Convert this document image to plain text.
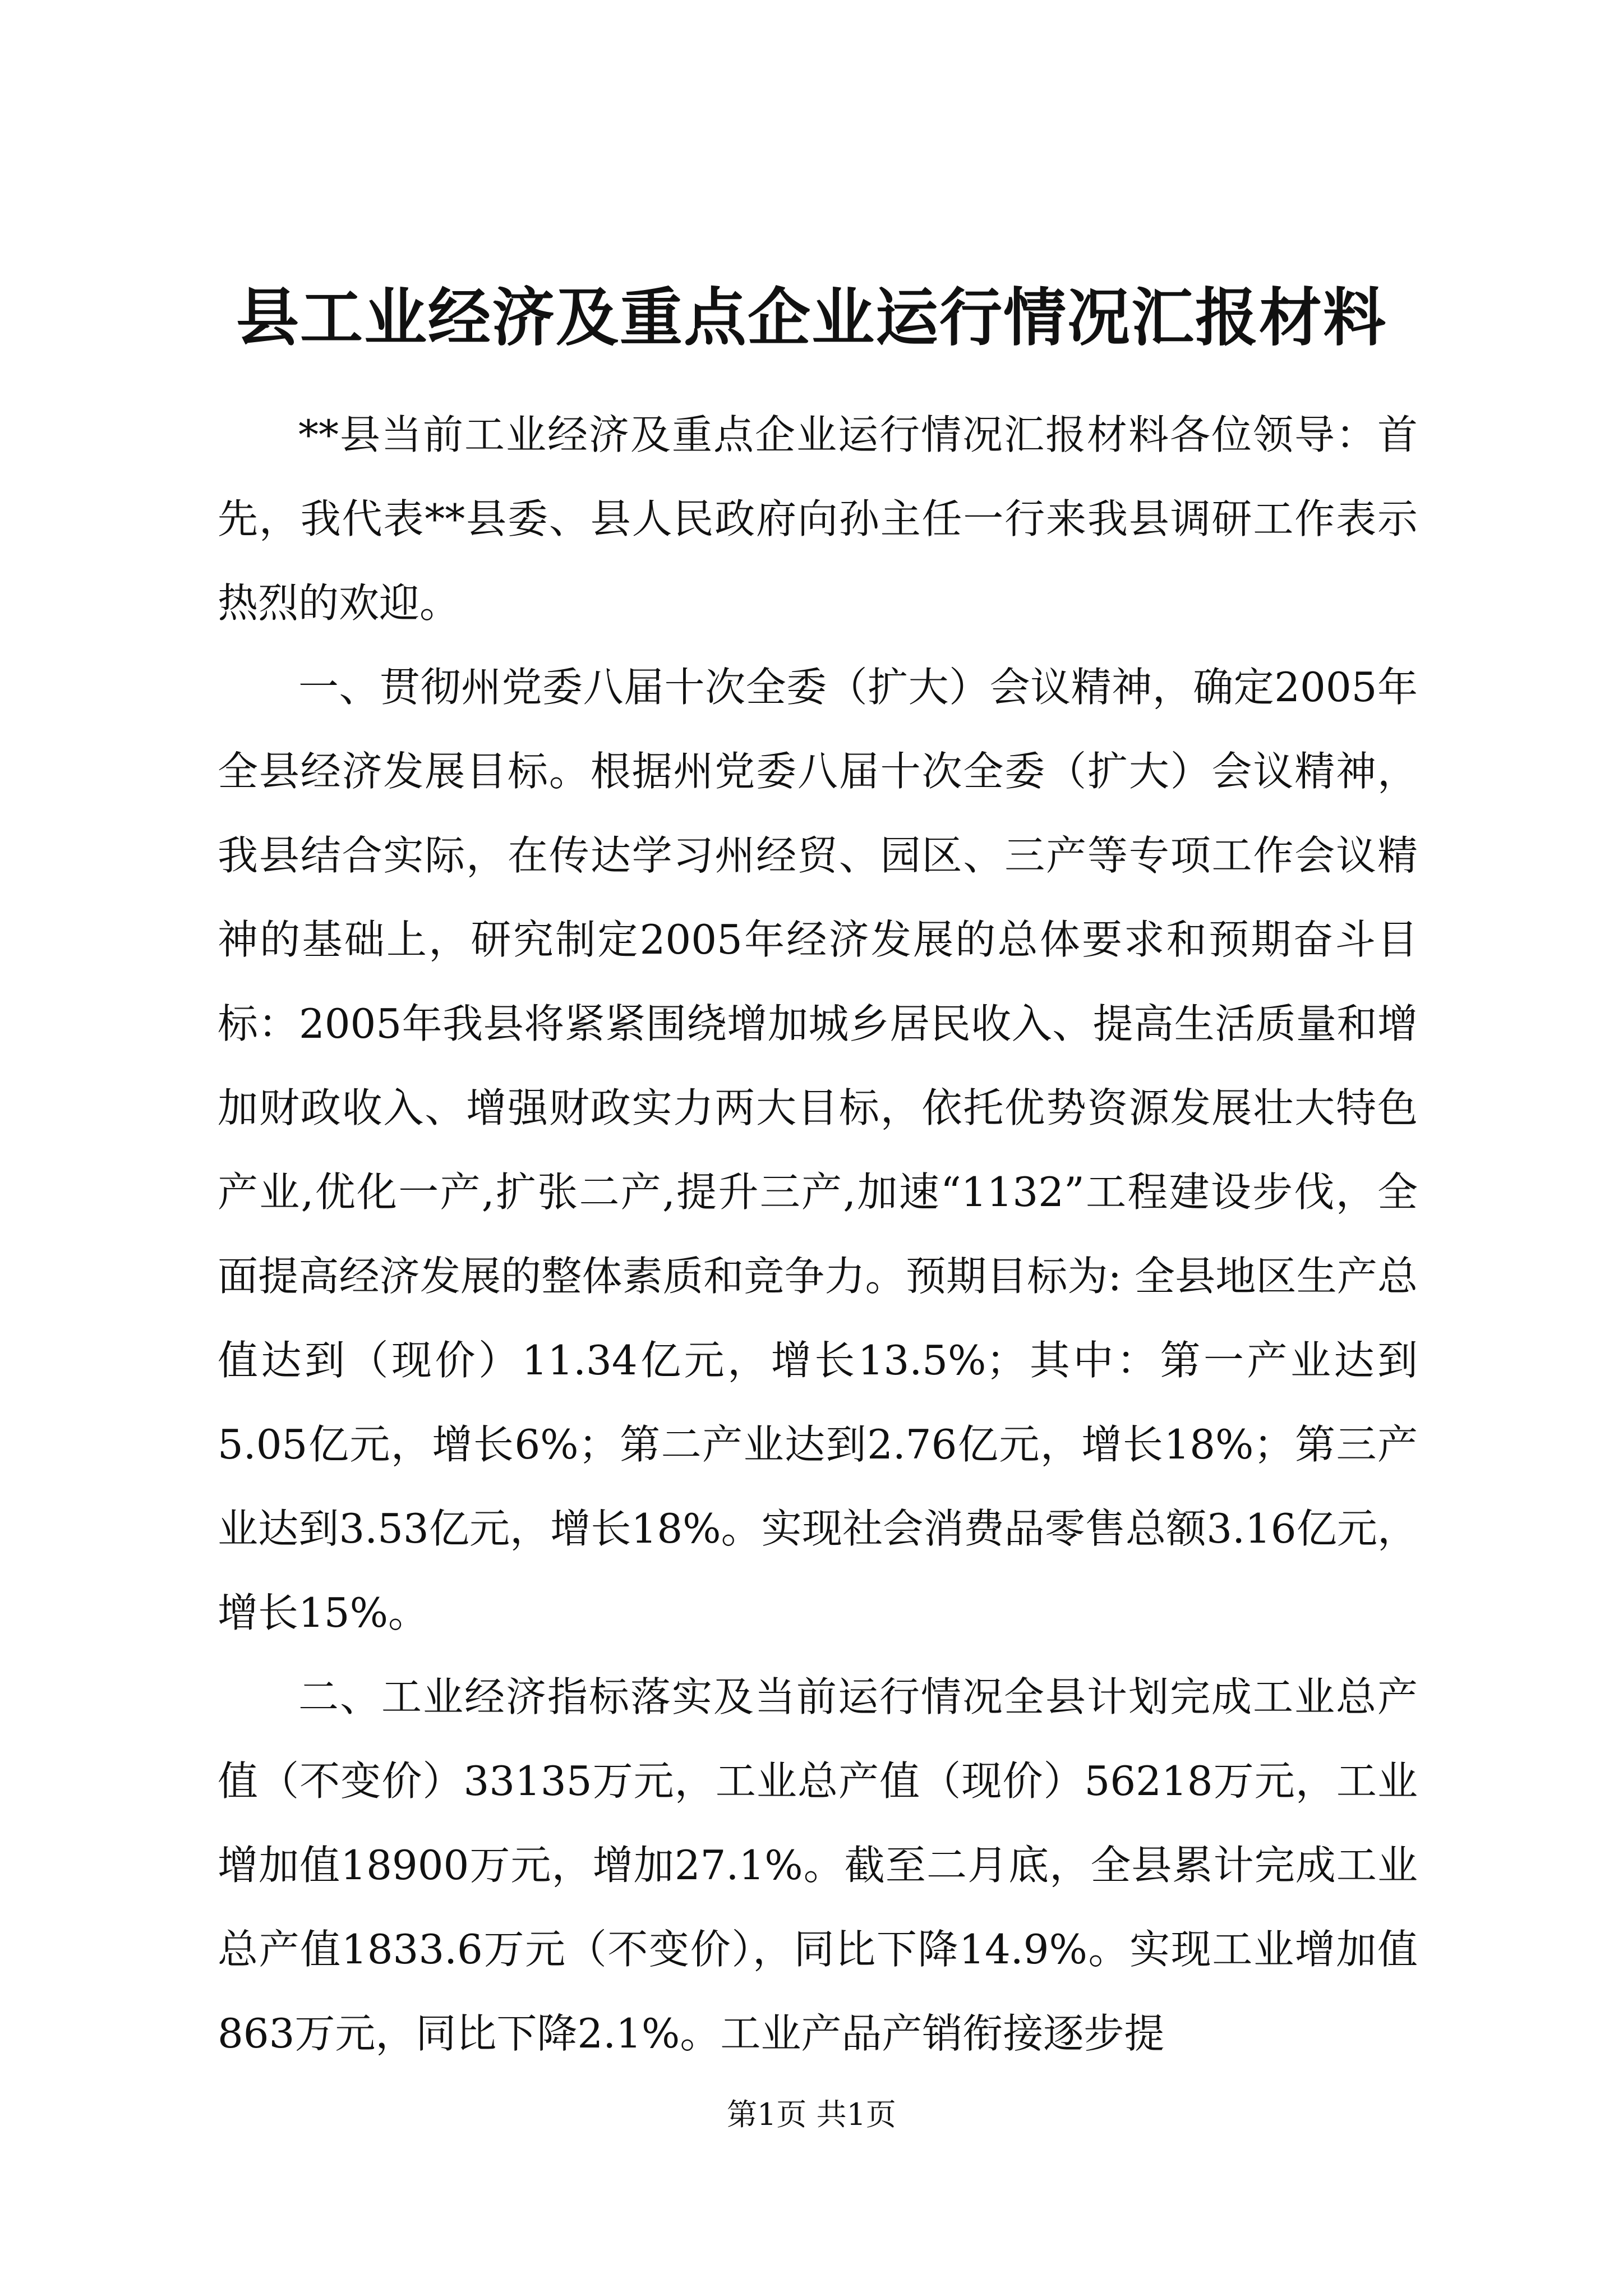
县工业经济及重点企业运行情况汇报材料

**县当前工业经济及重点企业运行情况汇报材料各位领导：首先，我代表**县委、县人民政府向孙主任一行来我县调研工作表示热烈的欢迎。

一、贯彻州党委八届十次全委（扩大）会议精神，确定2005年全县经济发展目标。根据州党委八届十次全委（扩大）会议精神，我县结合实际，在传达学习州经贸、园区、三产等专项工作会议精神的基础上，研究制定2005年经济发展的总体要求和预期奋斗目标：2005年我县将紧紧围绕增加城乡居民收入、提高生活质量和增加财政收入、增强财政实力两大目标，依托优势资源发展壮大特色产业,优化一产,扩张二产,提升三产,加速“1132”工程建设步伐，全面提高经济发展的整体素质和竞争力。预期目标为: 全县地区生产总值达到（现价）11.34亿元，增长13.5%；其中：第一产业达到5.05亿元，增长6%；第二产业达到2.76亿元，增长18%；第三产业达到3.53亿元，增长18%。实现社会消费品零售总额3.16亿元，增长15%。

二、工业经济指标落实及当前运行情况全县计划完成工业总产值（不变价）33135万元，工业总产值（现价）56218万元，工业增加值18900万元，增加27.1%。截至二月底，全县累计完成工业总产值1833.6万元（不变价），同比下降14.9%。实现工业增加值863万元，同比下降2.1%。工业产品产销衔接逐步提

第1页 共1页
